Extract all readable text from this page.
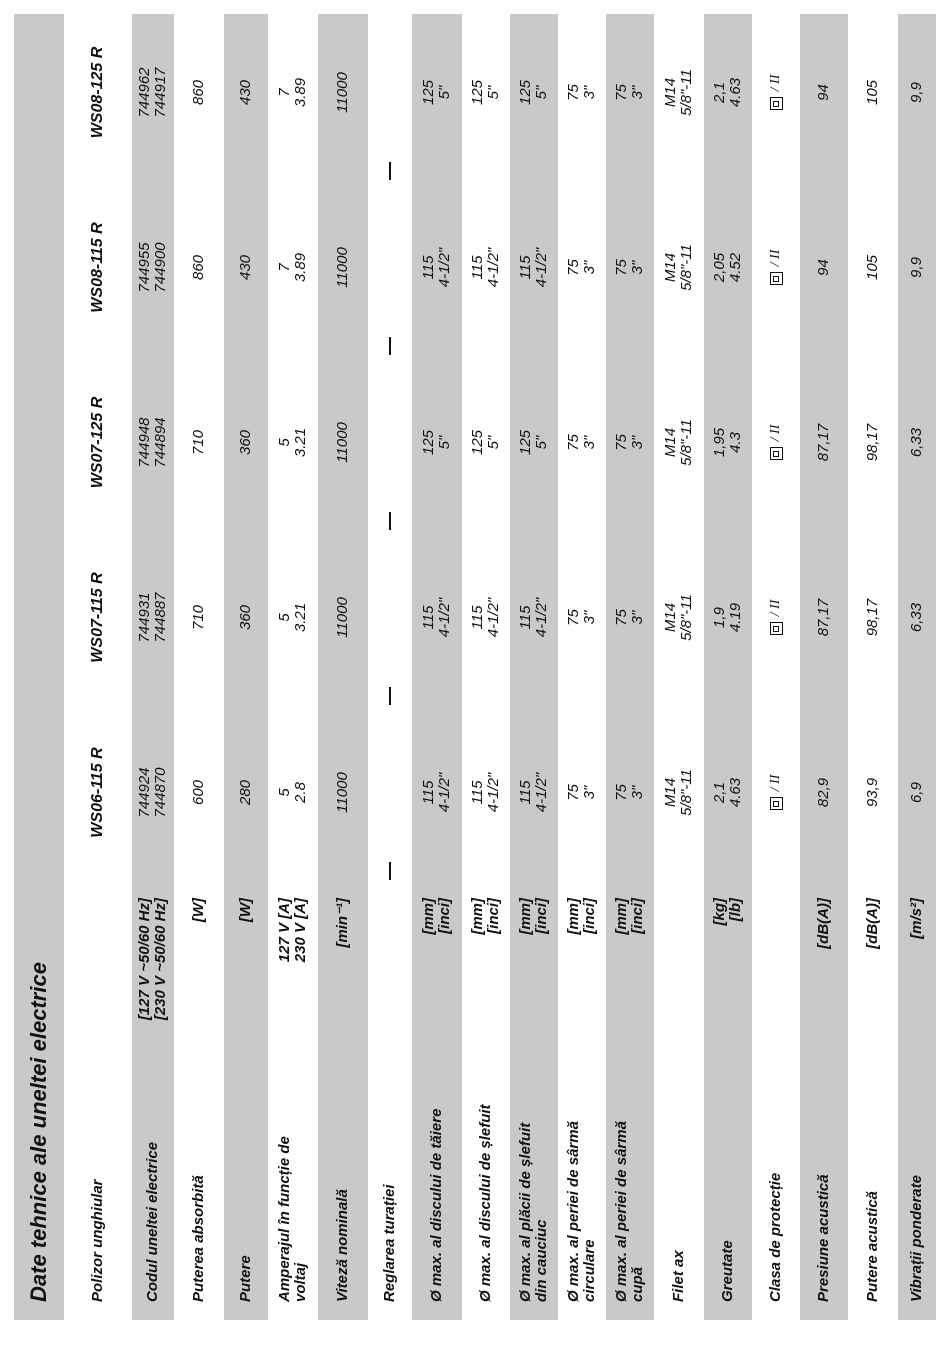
Date tehnice ale uneltei electrice	Polizor unghiular
WS06-115 R
WS07-115 R
WS07-125 R
WS08-115 R
WS08-125 R
Codul uneltei electrice
[127 V ~50/60 Hz]
[230 V ~50/60 Hz]
744924
744870
744931
744887
744948
744894
744955
744900
744962
744917
Puterea absorbită
[W]
600
710
710
860
860
Putere
[W]
280
360
360
430
430
Amperajul în funcție de voltaj
127 V [A]
230 V [A]
5
2.8
5
3.21
5
3.21
7
3.89
7
3.89
Viteză nominală
[min⁻¹]
11000
11000
11000
11000
11000
Reglarea turației	Ø max. al discului de tăiere
[mm]
[inci]
115
4-1/2"
115
4-1/2"
125
5"
115
4-1/2"
125
5"
Ø max. al discului de șlefuit
[mm]
[inci]
115
4-1/2"
115
4-1/2"
125
5"
115
4-1/2"
125
5"
Ø max. al plăcii de șlefuit din cauciuc
[mm]
[inci]
115
4-1/2"
115
4-1/2"
125
5"
115
4-1/2"
125
5"
Ø max. al periei de sârmă circulare
[mm]
[inci]
75
3"
75
3"
75
3"
75
3"
75
3"
Ø max. al periei de sârmă cupă
[mm]
[inci]
75
3"
75
3"
75
3"
75
3"
75
3"
Filet ax
M14
5/8"-11
M14
5/8"-11
M14
5/8"-11
M14
5/8"-11
M14
5/8"-11
Greutate
[kg]
[lb]
2,1
4.63
1,9
4.19
1,95
4.3
2,05
4.52
2,1
4.63
Clasa de protecție
/ II
/ II
/ II
/ II
/ II
Presiune acustică
[dB(A)]
82,9
87,17
87,17
94
94
Putere acustică
[dB(A)]
93,9
98,17
98,17
105
105
Vibrații ponderate
[m/s²]
6,9
6,33
6,33
9,9
9,9
